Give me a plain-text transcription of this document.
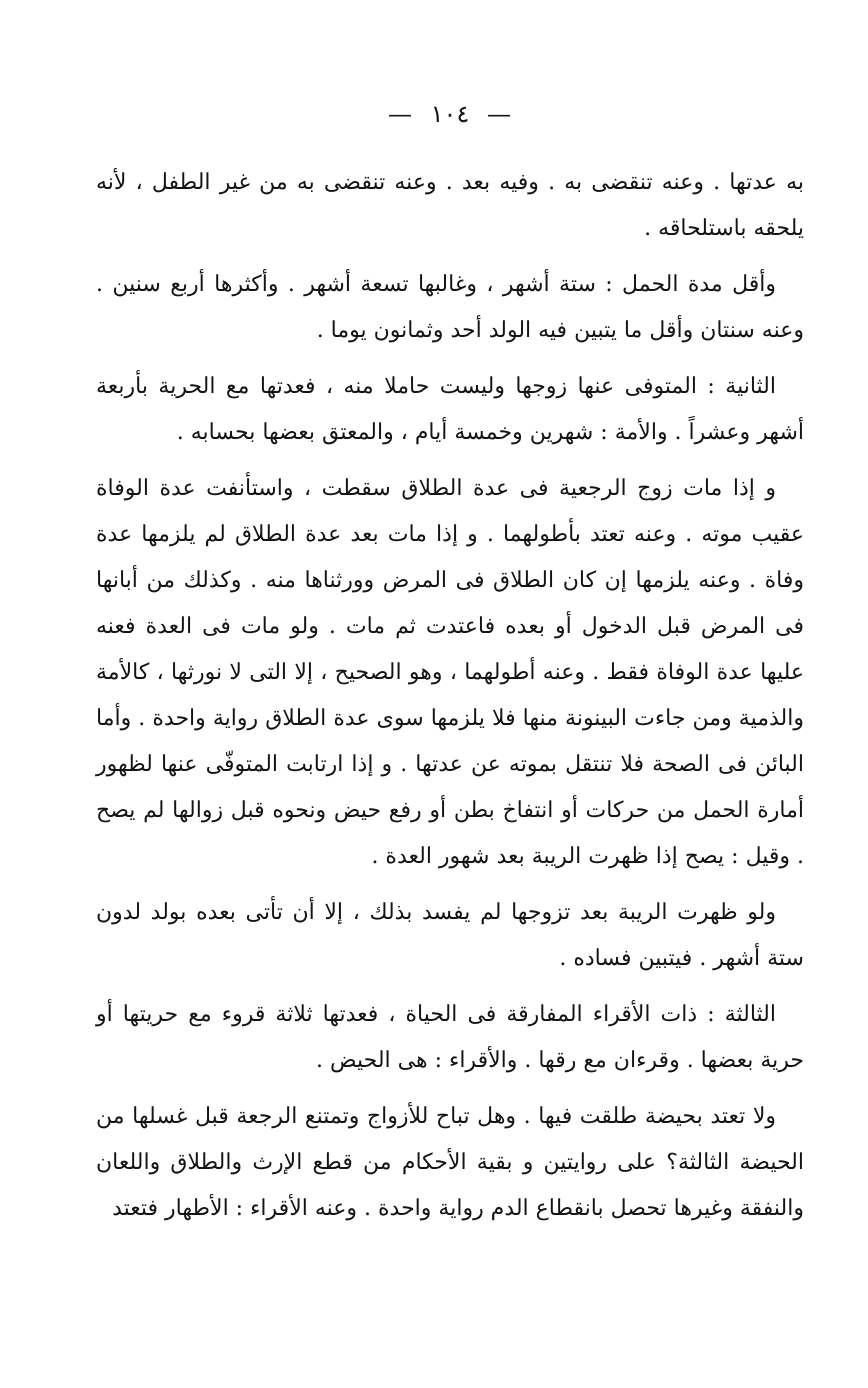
— ١٠٤ —

به عدتها . وعنه تنقضى به . وفيه بعد . وعنه تنقضى به من غير الطفل ، لأنه يلحقه باستلحاقه .

وأقل مدة الحمل : ستة أشهر ، وغالبها تسعة أشهر . وأكثرها أربع سنين . وعنه سنتان وأقل ما يتبين فيه الولد أحد وثمانون يوما .

الثانية : المتوفى عنها زوجها وليست حاملا منه ، فعدتها مع الحرية بأربعة أشهر وعشراً . والأمة : شهرين وخمسة أيام ، والمعتق بعضها بحسابه .

و إذا مات زوج الرجعية فى عدة الطلاق سقطت ، واستأنفت عدة الوفاة عقيب موته . وعنه تعتد بأطولهما . و إذا مات بعد عدة الطلاق لم يلزمها عدة وفاة . وعنه يلزمها إن كان الطلاق فى المرض وورثناها منه . وكذلك من أبانها فى المرض قبل الدخول أو بعده فاعتدت ثم مات . ولو مات فى العدة فعنه عليها عدة الوفاة فقط . وعنه أطولهما ، وهو الصحيح ، إلا التى لا نورثها ، كالأمة والذمية ومن جاءت البينونة منها فلا يلزمها سوى عدة الطلاق رواية واحدة . وأما البائن فى الصحة فلا تنتقل بموته عن عدتها . و إذا ارتابت المتوفّى عنها لظهور أمارة الحمل من حركات أو انتفاخ بطن أو رفع حيض ونحوه قبل زوالها لم يصح . وقيل : يصح إذا ظهرت الريبة بعد شهور العدة .

ولو ظهرت الريبة بعد تزوجها لم يفسد بذلك ، إلا أن تأتى بعده بولد لدون ستة أشهر . فيتبين فساده .

الثالثة : ذات الأقراء المفارقة فى الحياة ، فعدتها ثلاثة قروء مع حريتها أو حرية بعضها . وقرءان مع رقها . والأقراء : هى الحيض .

ولا تعتد بحيضة طلقت فيها . وهل تباح للأزواج وتمتنع الرجعة قبل غسلها من الحيضة الثالثة؟ على روايتين و بقية الأحكام من قطع الإرث والطلاق واللعان والنفقة وغيرها تحصل بانقطاع الدم رواية واحدة . وعنه الأقراء : الأطهار فتعتد
